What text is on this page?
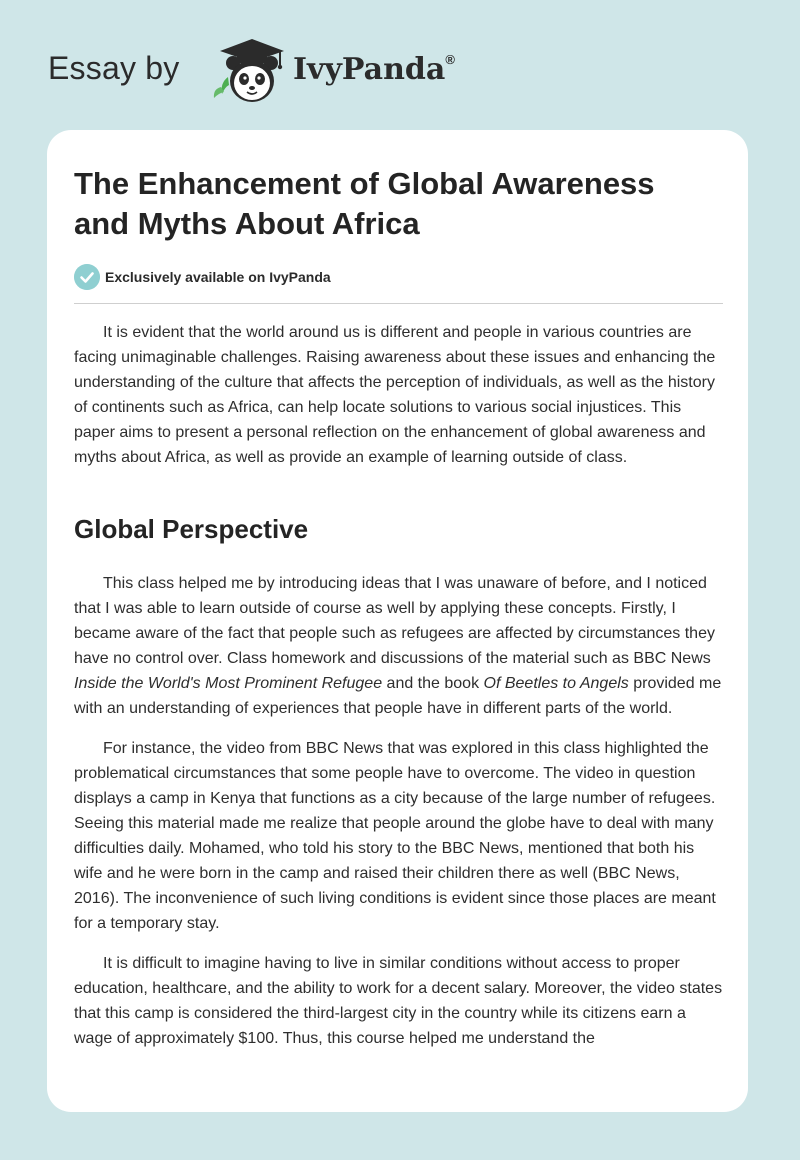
Essay by	IvyPanda®
The Enhancement of Global Awareness and Myths About Africa
Exclusively available on IvyPanda

It is evident that the world around us is different and people in various countries are facing unimaginable challenges. Raising awareness about these issues and enhancing the understanding of the culture that affects the perception of individuals, as well as the history of continents such as Africa, can help locate solutions to various social injustices. This paper aims to present a personal reflection on the enhancement of global awareness and myths about Africa, as well as provide an example of learning outside of class.

Global Perspective

This class helped me by introducing ideas that I was unaware of before, and I noticed that I was able to learn outside of course as well by applying these concepts. Firstly, I became aware of the fact that people such as refugees are affected by circumstances they have no control over. Class homework and discussions of the material such as BBC News Inside the World's Most Prominent Refugee and the book Of Beetles to Angels provided me with an understanding of experiences that people have in different parts of the world.

For instance, the video from BBC News that was explored in this class highlighted the problematical circumstances that some people have to overcome. The video in question displays a camp in Kenya that functions as a city because of the large number of refugees. Seeing this material made me realize that people around the globe have to deal with many difficulties daily. Mohamed, who told his story to the BBC News, mentioned that both his wife and he were born in the camp and raised their children there as well (BBC News, 2016). The inconvenience of such living conditions is evident since those places are meant for a temporary stay.

It is difficult to imagine having to live in similar conditions without access to proper education, healthcare, and the ability to work for a decent salary. Moreover, the video states that this camp is considered the third-largest city in the country while its citizens earn a wage of approximately $100. Thus, this course helped me understand the
